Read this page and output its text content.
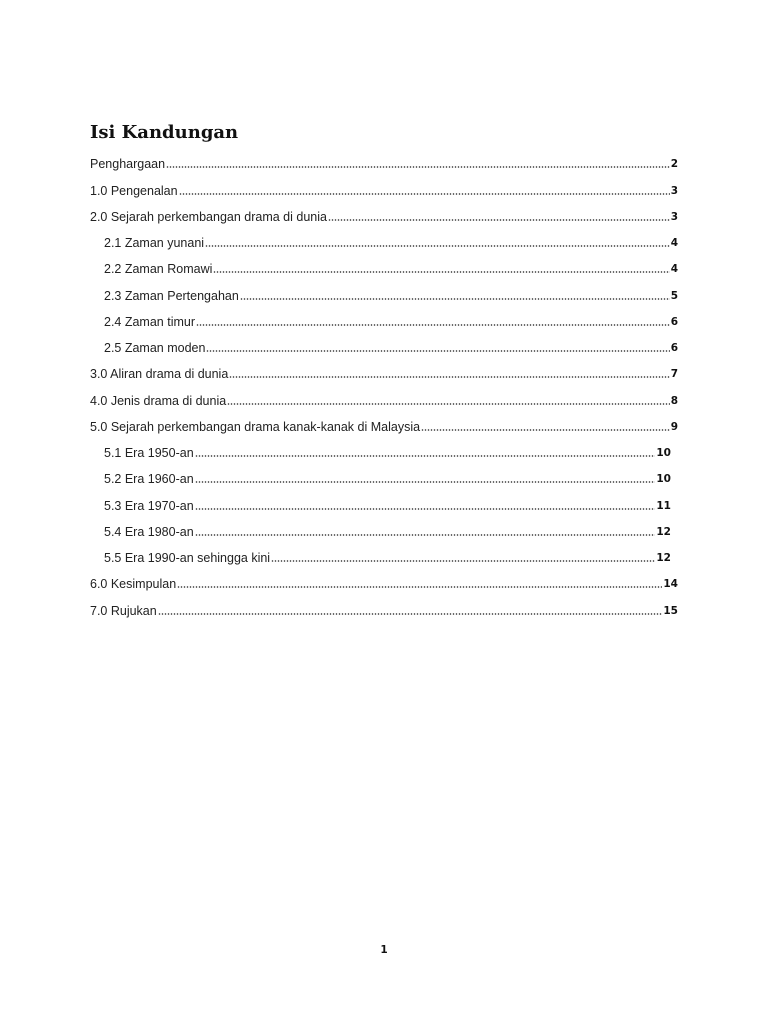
Isi Kandungan
Penghargaan	2
1.0 Pengenalan	3
2.0 Sejarah perkembangan drama di dunia	3
2.1 Zaman yunani	4
2.2 Zaman Romawi	4
2.3 Zaman Pertengahan	5
2.4 Zaman timur	6
2.5 Zaman moden	6
3.0 Aliran drama di dunia	7
4.0 Jenis drama di dunia	8
5.0 Sejarah perkembangan drama kanak-kanak di Malaysia	9
5.1 Era 1950-an	10
5.2 Era 1960-an	10
5.3 Era 1970-an	11
5.4 Era 1980-an	12
5.5 Era 1990-an sehingga kini	12
6.0 Kesimpulan	14
7.0 Rujukan	15
1
